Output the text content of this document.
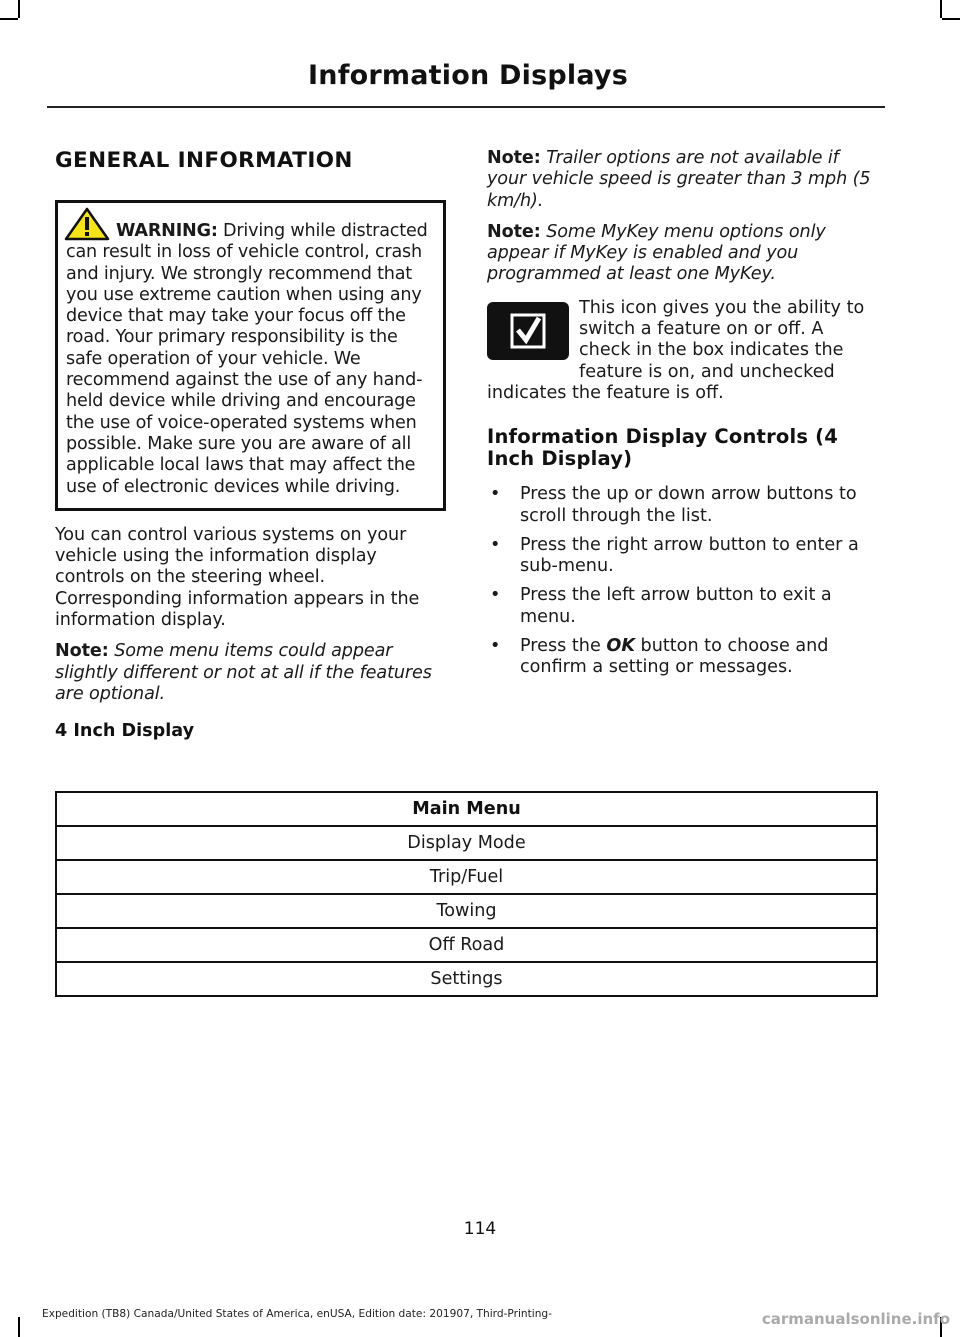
Information Displays
GENERAL INFORMATION
WARNING: Driving while distracted can result in loss of vehicle control, crash and injury. We strongly recommend that you use extreme caution when using any device that may take your focus off the road. Your primary responsibility is the safe operation of your vehicle. We recommend against the use of any hand-held device while driving and encourage the use of voice-operated systems when possible. Make sure you are aware of all applicable local laws that may affect the use of electronic devices while driving.

You can control various systems on your vehicle using the information display controls on the steering wheel. Corresponding information appears in the information display.

Note: Some menu items could appear slightly different or not at all if the features are optional.

Note: Trailer options are not available if your vehicle speed is greater than 3 mph (5 km/h).

Note: Some MyKey menu options only appear if MyKey is enabled and you programmed at least one MyKey.

This icon gives you the ability to switch a feature on or off. A check in the box indicates the feature is on, and unchecked indicates the feature is off.
Information Display Controls (4 Inch Display)
• Press the up or down arrow buttons to scroll through the list.
• Press the right arrow button to enter a sub-menu.
• Press the left arrow button to exit a menu.
• Press the OK button to choose and confirm a setting or messages.
4 Inch Display
Main Menu
Display Mode
Trip/Fuel
Towing
Off Road
Settings
114
Expedition (TB8) Canada/United States of America, enUSA, Edition date: 201907, Third-Printing-	carmanualsonline.info
